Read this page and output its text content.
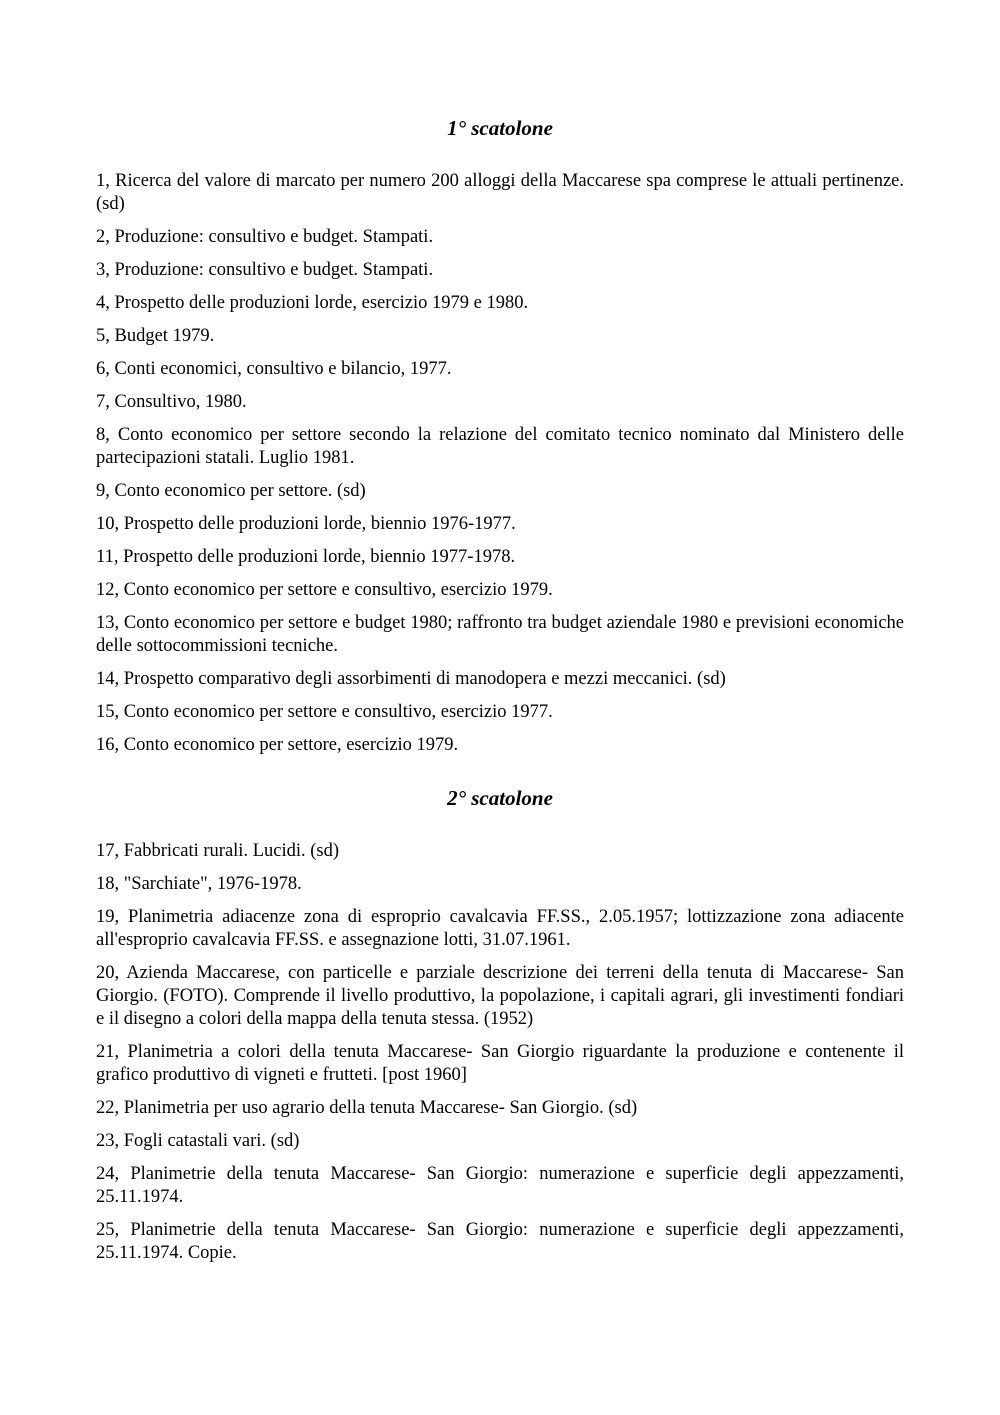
1° scatolone
1, Ricerca del valore di marcato per numero 200 alloggi della Maccarese spa comprese le attuali pertinenze. (sd)
2, Produzione: consultivo e budget. Stampati.
3, Produzione: consultivo e budget. Stampati.
4, Prospetto delle produzioni lorde, esercizio 1979 e 1980.
5, Budget 1979.
6, Conti economici, consultivo e bilancio, 1977.
7, Consultivo, 1980.
8, Conto economico per settore secondo la relazione del comitato tecnico nominato dal Ministero delle partecipazioni statali. Luglio 1981.
9, Conto economico per settore. (sd)
10, Prospetto delle produzioni lorde, biennio 1976-1977.
11, Prospetto delle produzioni lorde, biennio 1977-1978.
12, Conto economico per settore e consultivo, esercizio 1979.
13, Conto economico per settore e budget 1980; raffronto tra budget aziendale 1980 e previsioni economiche delle sottocommissioni tecniche.
14, Prospetto comparativo degli assorbimenti di manodopera e mezzi meccanici. (sd)
15, Conto economico per settore e consultivo, esercizio 1977.
16, Conto economico per settore, esercizio 1979.
2° scatolone
17, Fabbricati rurali. Lucidi. (sd)
18, "Sarchiate", 1976-1978.
19, Planimetria adiacenze zona di esproprio cavalcavia FF.SS., 2.05.1957; lottizzazione zona adiacente all'esproprio cavalcavia FF.SS. e assegnazione lotti, 31.07.1961.
20, Azienda Maccarese, con particelle e parziale descrizione dei terreni della tenuta di Maccarese- San Giorgio. (FOTO). Comprende il livello produttivo, la popolazione, i capitali agrari, gli investimenti fondiari e il disegno a colori della mappa della tenuta stessa. (1952)
21, Planimetria a colori della tenuta Maccarese- San Giorgio riguardante la produzione e contenente il grafico produttivo di vigneti e frutteti. [post 1960]
22, Planimetria per uso agrario della tenuta Maccarese- San Giorgio. (sd)
23, Fogli catastali vari. (sd)
24, Planimetrie della tenuta Maccarese- San Giorgio: numerazione e superficie degli appezzamenti, 25.11.1974.
25, Planimetrie della tenuta Maccarese- San Giorgio: numerazione e superficie degli appezzamenti, 25.11.1974. Copie.
